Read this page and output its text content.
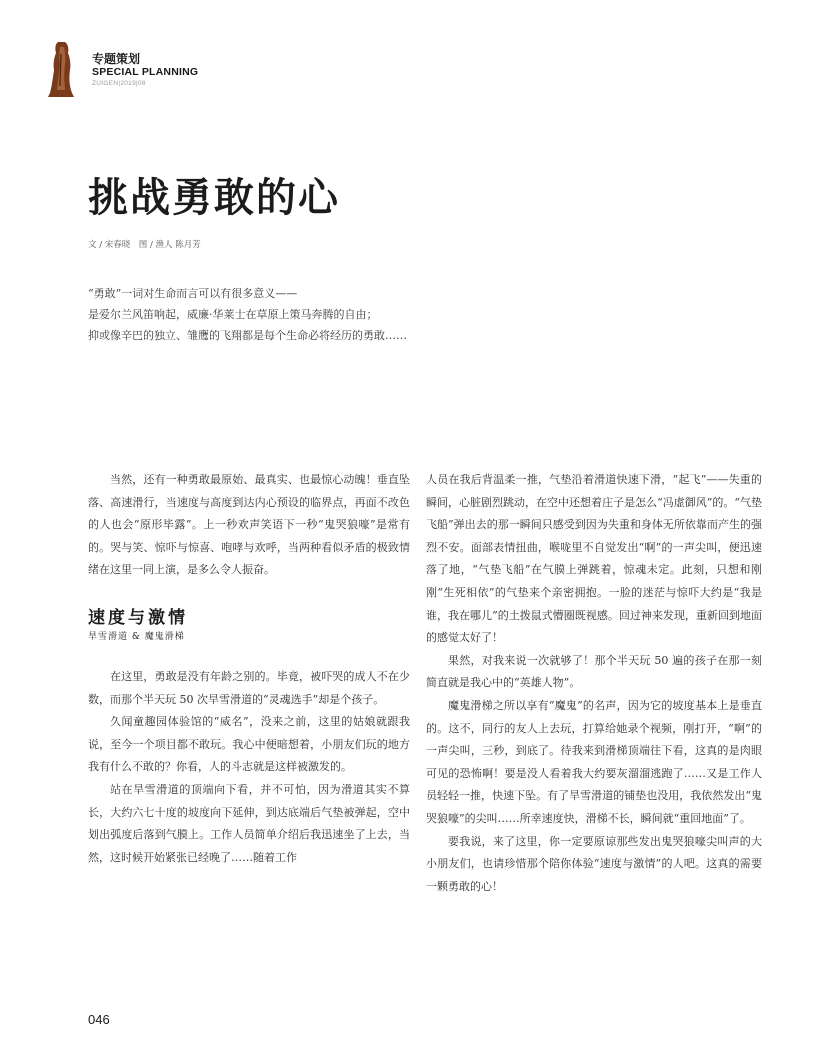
专题策划
SPECIAL PLANNING
ZUIGEN|2019|08
挑战勇敢的心
文 / 宋春晓　图 / 渔人 陈月芳

“勇敢”一词对生命而言可以有很多意义——

是爱尔兰风笛响起，威廉·华莱士在草原上策马奔腾的自由；

抑或像辛巴的独立、雏鹰的飞翔都是每个生命必将经历的勇敢……

当然，还有一种勇敢最原始、最真实、也最惊心动魄！垂直坠落、高速滑行，当速度与高度到达内心预设的临界点，再面不改色的人也会“原形毕露”。上一秒欢声笑语下一秒“鬼哭狼嚎”是常有的。哭与笑、惊吓与惊喜、咆哮与欢呼，当两种看似矛盾的极致情绪在这里一同上演，是多么令人振奋。

速度与激情
旱雪滑道 & 魔鬼滑梯

在这里，勇敢是没有年龄之别的。毕竟，被吓哭的成人不在少数，而那个半天玩 50 次旱雪滑道的“灵魂选手”却是个孩子。

久闻童趣园体验馆的“威名”，没来之前，这里的姑娘就跟我说，至今一个项目都不敢玩。我心中便暗想着，小朋友们玩的地方我有什么不敢的？你看，人的斗志就是这样被激发的。

站在旱雪滑道的顶端向下看，并不可怕，因为滑道其实不算长，大约六七十度的坡度向下延伸，到达底端后气垫被弹起，空中划出弧度后落到气膜上。工作人员简单介绍后我迅速坐了上去，当然，这时候开始紧张已经晚了……随着工作

人员在我后背温柔一推，气垫沿着滑道快速下滑，“起飞”——失重的瞬间，心脏剧烈跳动，在空中还想着庄子是怎么“冯虚御风”的。“气垫飞船”弹出去的那一瞬间只感受到因为失重和身体无所依靠而产生的强烈不安。面部表情扭曲，喉咙里不自觉发出“啊”的一声尖叫，便迅速落了地，“气垫飞船”在气膜上弹跳着，惊魂未定。此刻，只想和刚刚“生死相依”的气垫来个亲密拥抱。一脸的迷茫与惊吓大约是“我是谁，我在哪儿”的土拨鼠式懵圈既视感。回过神来发现，重新回到地面的感觉太好了！

果然，对我来说一次就够了！那个半天玩 50 遍的孩子在那一刻简直就是我心中的“英雄人物”。

魔鬼滑梯之所以享有“魔鬼”的名声，因为它的坡度基本上是垂直的。这不，同行的友人上去玩，打算给她录个视频，刚打开，“啊”的一声尖叫，三秒，到底了。待我来到滑梯顶端往下看，这真的是肉眼可见的恐怖啊！要是没人看着我大约要灰溜溜逃跑了……又是工作人员轻轻一推，快速下坠。有了旱雪滑道的铺垫也没用，我依然发出“鬼哭狼嚎”的尖叫……所幸速度快，滑梯不长，瞬间就“重回地面”了。

要我说，来了这里，你一定要原谅那些发出鬼哭狼嚎尖叫声的大小朋友们，也请珍惜那个陪你体验“速度与激情”的人吧。这真的需要一颗勇敢的心！

046
